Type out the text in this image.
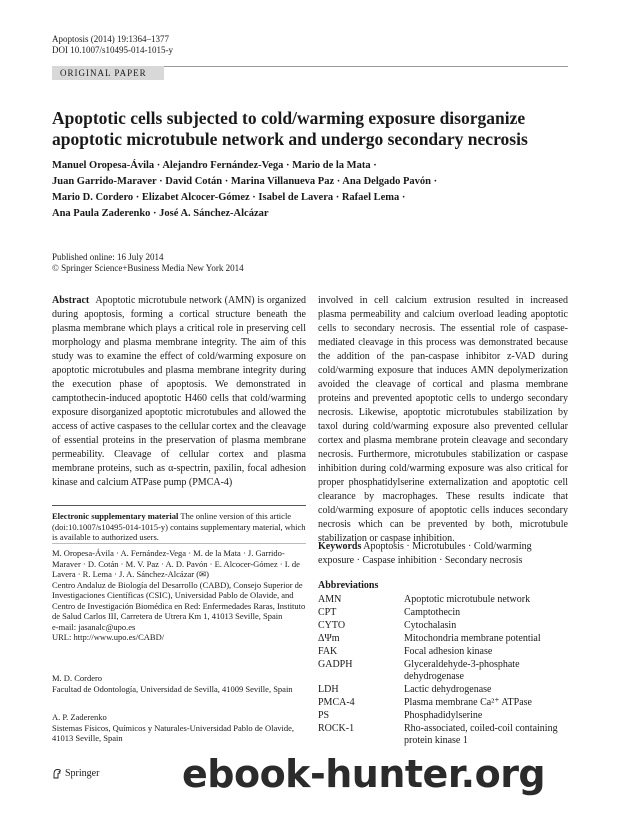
Apoptosis (2014) 19:1364–1377
DOI 10.1007/s10495-014-1015-y
ORIGINAL PAPER
Apoptotic cells subjected to cold/warming exposure disorganize apoptotic microtubule network and undergo secondary necrosis
Manuel Oropesa-Ávila · Alejandro Fernández-Vega · Mario de la Mata ·
Juan Garrido-Maraver · David Cotán · Marina Villanueva Paz · Ana Delgado Pavón ·
Mario D. Cordero · Elizabet Alcocer-Gómez · Isabel de Lavera · Rafael Lema ·
Ana Paula Zaderenko · José A. Sánchez-Alcázar
Published online: 16 July 2014
© Springer Science+Business Media New York 2014
Abstract Apoptotic microtubule network (AMN) is organized during apoptosis, forming a cortical structure beneath the plasma membrane which plays a critical role in preserving cell morphology and plasma membrane integrity. The aim of this study was to examine the effect of cold/warming exposure on apoptotic microtubules and plasma membrane integrity during the execution phase of apoptosis. We demonstrated in camptothecin-induced apoptotic H460 cells that cold/warming exposure disorganized apoptotic microtubules and allowed the access of active caspases to the cellular cortex and the cleavage of essential proteins in the preservation of plasma membrane permeability. Cleavage of cellular cortex and plasma membrane proteins, such as α-spectrin, paxilin, focal adhesion kinase and calcium ATPase pump (PMCA-4)
involved in cell calcium extrusion resulted in increased plasma permeability and calcium overload leading apoptotic cells to secondary necrosis. The essential role of caspase-mediated cleavage in this process was demonstrated because the addition of the pan-caspase inhibitor z-VAD during cold/warming exposure that induces AMN depolymerization avoided the cleavage of cortical and plasma membrane proteins and prevented apoptotic cells to undergo secondary necrosis. Likewise, apoptotic microtubules stabilization by taxol during cold/warming exposure also prevented cellular cortex and plasma membrane protein cleavage and secondary necrosis. Furthermore, microtubules stabilization or caspase inhibition during cold/warming exposure was also critical for proper phosphatidylserine externalization and apoptotic cell clearance by macrophages. These results indicate that cold/warming exposure of apoptotic cells induces secondary necrosis which can be prevented by both, microtubule stabilization or caspase inhibition.
Electronic supplementary material The online version of this article (doi:10.1007/s10495-014-1015-y) contains supplementary material, which is available to authorized users.
M. Oropesa-Ávila · A. Fernández-Vega · M. de la Mata · J. Garrido-Maraver · D. Cotán · M. V. Paz · A. D. Pavón · E. Alcocer-Gómez · I. de Lavera · R. Lema · J. A. Sánchez-Alcázar (✉)
Centro Andaluz de Biología del Desarrollo (CABD), Consejo Superior de Investigaciones Científicas (CSIC), Universidad Pablo de Olavide, and Centro de Investigación Biomédica en Red: Enfermedades Raras, Instituto de Salud Carlos III, Carretera de Utrera Km 1, 41013 Seville, Spain
e-mail: jasanalc@upo.es
URL: http://www.upo.es/CABD/
M. D. Cordero
Facultad de Odontología, Universidad de Sevilla, 41009 Seville, Spain
A. P. Zaderenko
Sistemas Físicos, Químicos y Naturales-Universidad Pablo de Olavide, 41013 Seville, Spain
Keywords Apoptosis · Microtubules · Cold/warming exposure · Caspase inhibition · Secondary necrosis
Abbreviations
AMN	Apoptotic microtubule network
CPT	Camptothecin
CYTO	Cytochalasin
ΔΨm	Mitochondria membrane potential
FAK	Focal adhesion kinase
GADPH	Glyceraldehyde-3-phosphate dehydrogenase
LDH	Lactic dehydrogenase
PMCA-4	Plasma membrane Ca²⁺ ATPase
PS	Phosphadidylserine
ROCK-1	Rho-associated, coiled-coil containing protein kinase 1
Springer ebook-hunter.org
